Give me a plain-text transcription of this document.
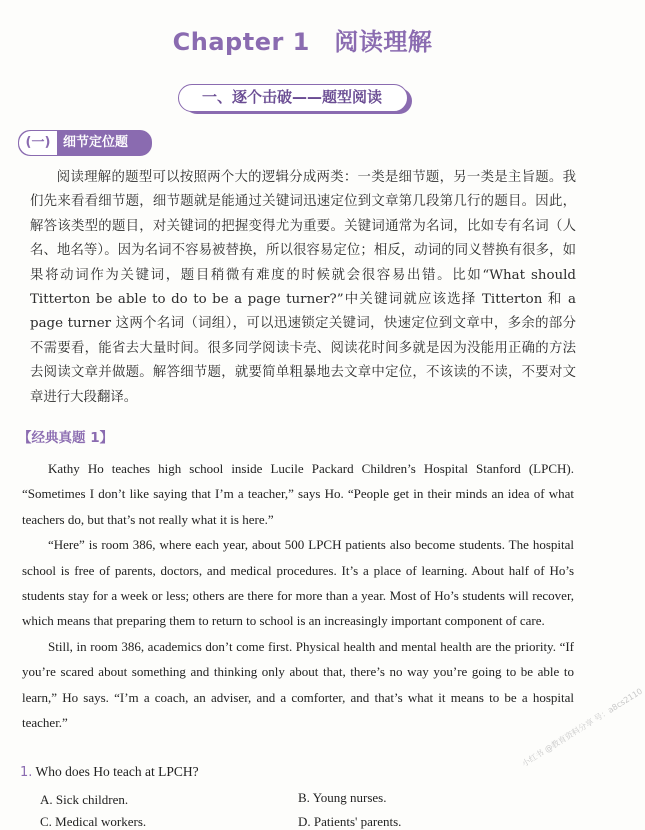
Chapter 1 阅读理解
一、逐个击破——题型阅读
(一) 细节定位题
阅读理解的题型可以按照两个大的逻辑分成两类：一类是细节题，另一类是主旨题。我们先来看看细节题，细节题就是能通过关键词迅速定位到文章第几段第几行的题目。因此，解答该类型的题目，对关键词的把握变得尤为重要。关键词通常为名词，比如专有名词（人名、地名等）。因为名词不容易被替换，所以很容易定位；相反，动词的同义替换有很多，如果将动词作为关键词，题目稍微有难度的时候就会很容易出错。比如“What should Titterton be able to do to be a page turner?”中关键词就应该选择 Titterton 和 a page turner 这两个名词（词组），可以迅速锁定关键词，快速定位到文章中，多余的部分不需要看，能省去大量时间。很多同学阅读卡壳、阅读花时间多就是因为没能用正确的方法去阅读文章并做题。解答细节题，就要简单粗暴地去文章中定位，不该读的不读，不要对文章进行大段翻译。
【经典真题 1】

Kathy Ho teaches high school inside Lucile Packard Children’s Hospital Stanford (LPCH). “Sometimes I don’t like saying that I’m a teacher,” says Ho. “People get in their minds an idea of what teachers do, but that’s not really what it is here.”

“Here” is room 386, where each year, about 500 LPCH patients also become students. The hospital school is free of parents, doctors, and medical procedures. It’s a place of learning. About half of Ho’s students stay for a week or less; others are there for more than a year. Most of Ho’s students will recover, which means that preparing them to return to school is an increasingly important component of care.

Still, in room 386, academics don’t come first. Physical health and mental health are the priority. “If you’re scared about something and thinking only about that, there’s no way you’re going to be able to learn,” Ho says. “I’m a coach, an adviser, and a comforter, and that’s what it means to be a hospital teacher.”

1. Who does Ho teach at LPCH?
A. Sick children.	B. Young nurses.
C. Medical workers.	D. Patients' parents.
小红书 @教育资料分享 号：a8cs2110
